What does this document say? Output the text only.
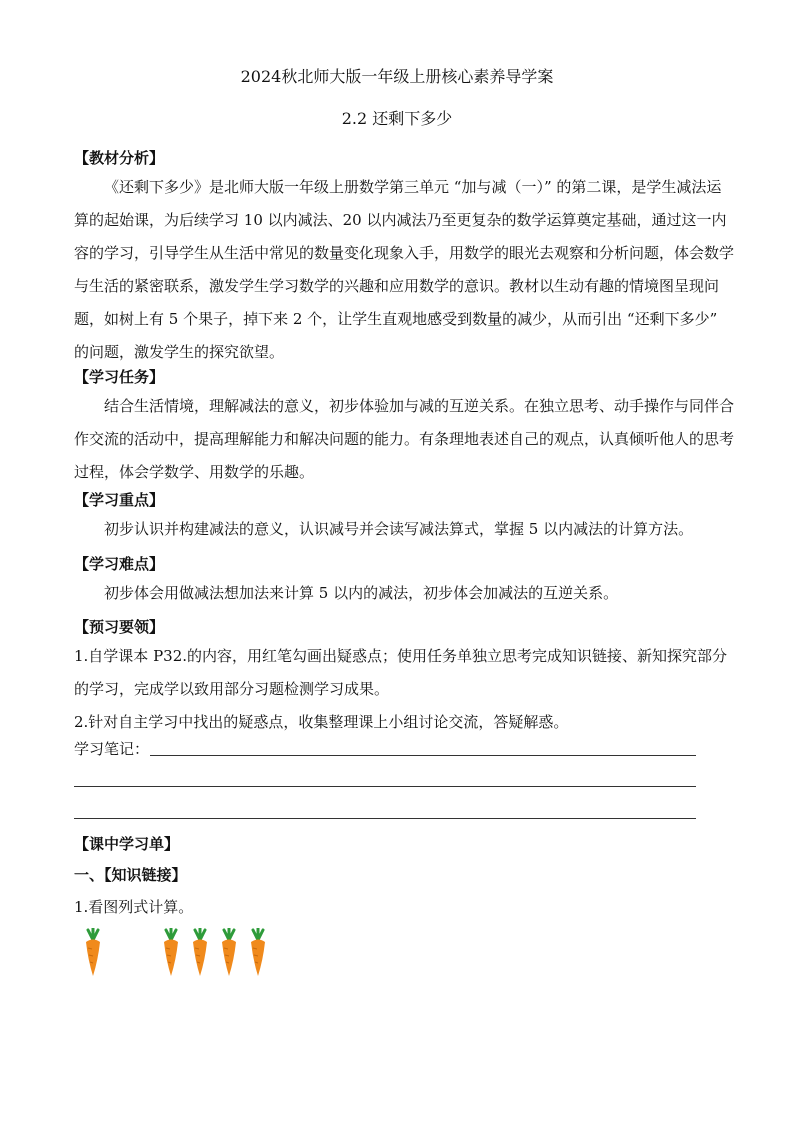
2024秋北师大版一年级上册核心素养导学案
2.2 还剩下多少
【教材分析】
《还剩下多少》是北师大版一年级上册数学第三单元 “加与减（一）” 的第二课，是学生减法运算的起始课，为后续学习 10 以内减法、20 以内减法乃至更复杂的数学运算奠定基础，通过这一内容的学习，引导学生从生活中常见的数量变化现象入手，用数学的眼光去观察和分析问题，体会数学与生活的紧密联系，激发学生学习数学的兴趣和应用数学的意识。教材以生动有趣的情境图呈现问题，如树上有 5 个果子，掉下来 2 个，让学生直观地感受到数量的减少，从而引出 “还剩下多少” 的问题，激发学生的探究欲望。
【学习任务】
结合生活情境，理解减法的意义，初步体验加与减的互逆关系。在独立思考、动手操作与同伴合作交流的活动中，提高理解能力和解决问题的能力。有条理地表述自己的观点，认真倾听他人的思考过程，体会学数学、用数学的乐趣。
【学习重点】
初步认识并构建减法的意义，认识减号并会读写减法算式，掌握 5 以内减法的计算方法。
【学习难点】
初步体会用做减法想加法来计算 5 以内的减法，初步体会加减法的互逆关系。
【预习要领】
1.自学课本 P32.的内容，用红笔勾画出疑惑点；使用任务单独立思考完成知识链接、新知探究部分的学习，完成学以致用部分习题检测学习成果。
2.针对自主学习中找出的疑惑点，收集整理课上小组讨论交流，答疑解惑。
学习笔记：
【课中学习单】
一、【知识链接】
1.看图列式计算。
